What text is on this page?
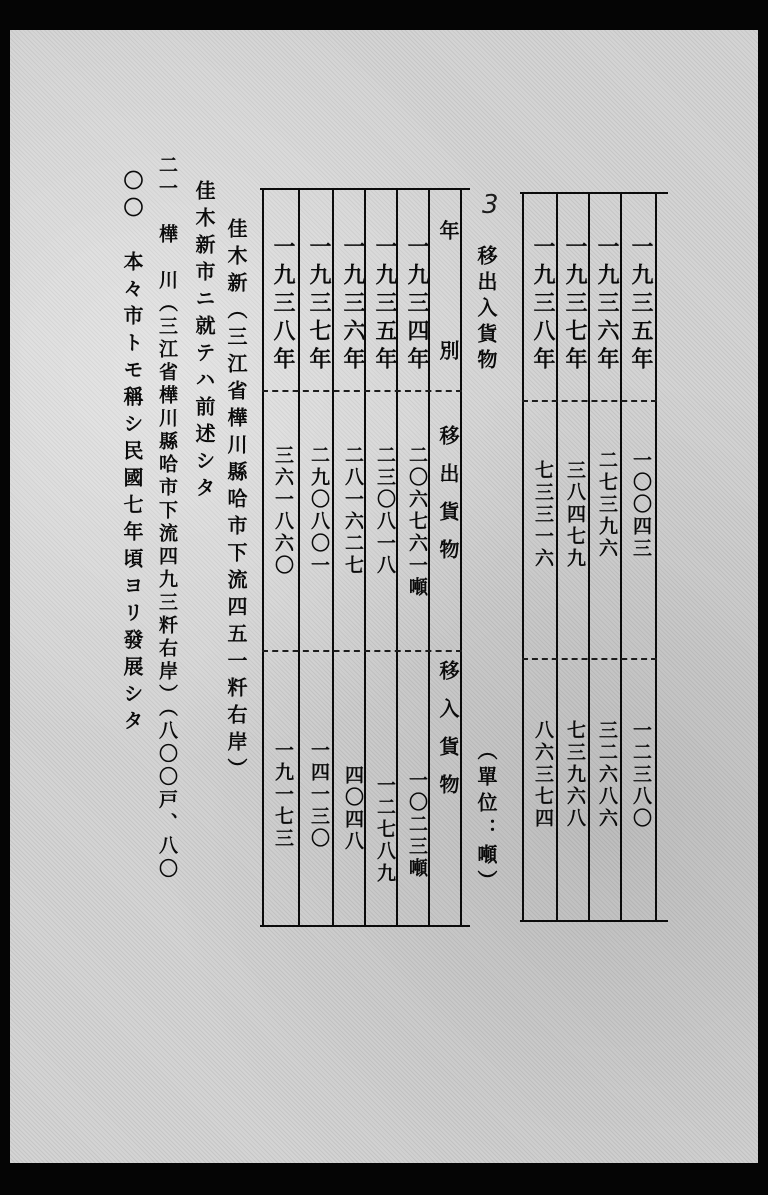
3
一九三五年
一〇〇四三
一二三八〇
一九三六年
二七三九六
三二六八六
一九三七年
三八四七九
七三九六八
一九三八年
七三三一六
八六三七四
移出入貨物
（單位：噸）
年
別
移出貨物
移入貨物
一九三四年
二〇六七六一噸
一〇二三噸
一九三五年
二三〇八一八
一二七八九
一九三六年
二八一六二七
四〇四八
一九三七年
二九〇八〇一
一四一三〇
一九三八年
三六一八六〇
一九一七三
佳木新（三江省樺川縣哈市下流四五一粁右岸）
佳木新市ニ就テハ前述シタ
二一　樺　川（三江省樺川縣哈市下流四九三粁右岸）（八〇〇戸、八〇
〇〇　本々市トモ稱シ民國七年頃ヨリ發展シタ
